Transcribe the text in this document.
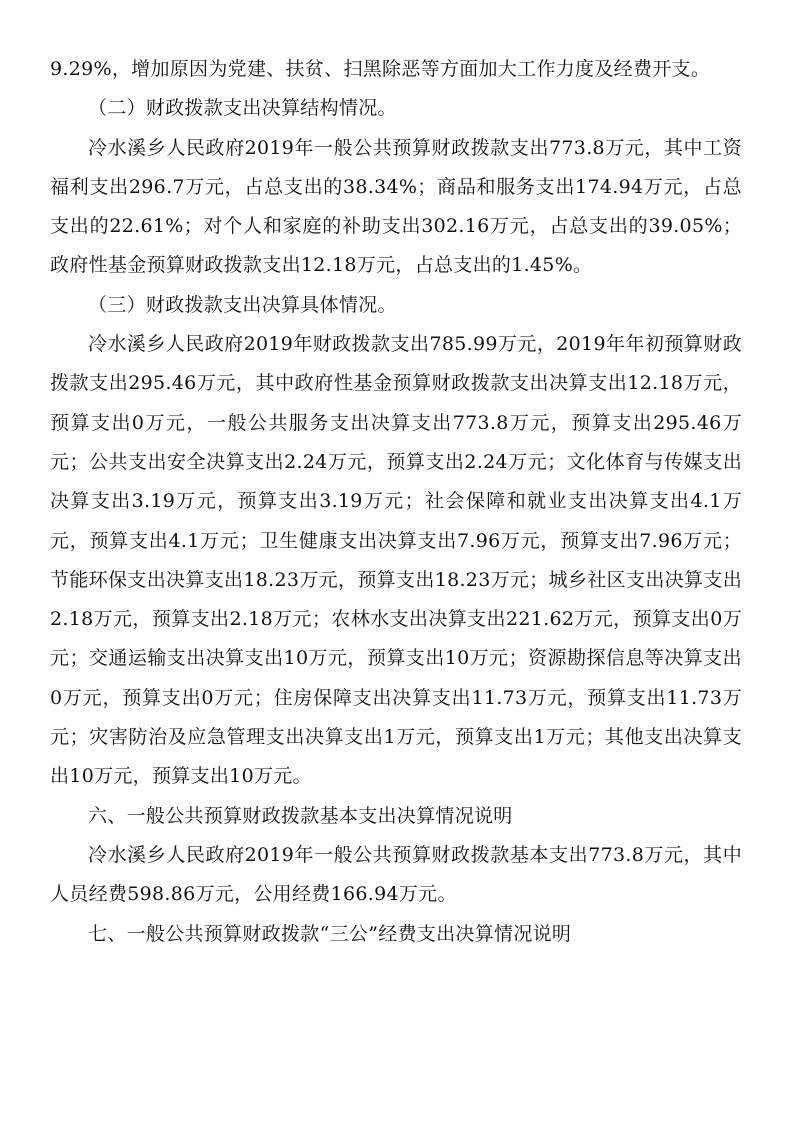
9.29%，增加原因为党建、扶贫、扫黑除恶等方面加大工作力度及经费开支。

（二）财政拨款支出决算结构情况。

冷水溪乡人民政府2019年一般公共预算财政拨款支出773.8万元，其中工资福利支出296.7万元，占总支出的38.34%；商品和服务支出174.94万元，占总支出的22.61%；对个人和家庭的补助支出302.16万元，占总支出的39.05%；政府性基金预算财政拨款支出12.18万元，占总支出的1.45%。

（三）财政拨款支出决算具体情况。

冷水溪乡人民政府2019年财政拨款支出785.99万元，2019年年初预算财政拨款支出295.46万元，其中政府性基金预算财政拨款支出决算支出12.18万元，预算支出0万元，一般公共服务支出决算支出773.8万元，预算支出295.46万元；公共支出安全决算支出2.24万元，预算支出2.24万元；文化体育与传媒支出决算支出3.19万元，预算支出3.19万元；社会保障和就业支出决算支出4.1万元，预算支出4.1万元；卫生健康支出决算支出7.96万元，预算支出7.96万元；节能环保支出决算支出18.23万元，预算支出18.23万元；城乡社区支出决算支出2.18万元，预算支出2.18万元；农林水支出决算支出221.62万元，预算支出0万元；交通运输支出决算支出10万元，预算支出10万元；资源勘探信息等决算支出0万元，预算支出0万元；住房保障支出决算支出11.73万元，预算支出11.73万元；灾害防治及应急管理支出决算支出1万元，预算支出1万元；其他支出决算支出10万元，预算支出10万元。

六、一般公共预算财政拨款基本支出决算情况说明

冷水溪乡人民政府2019年一般公共预算财政拨款基本支出773.8万元，其中人员经费598.86万元，公用经费166.94万元。

七、一般公共预算财政拨款“三公”经费支出决算情况说明
